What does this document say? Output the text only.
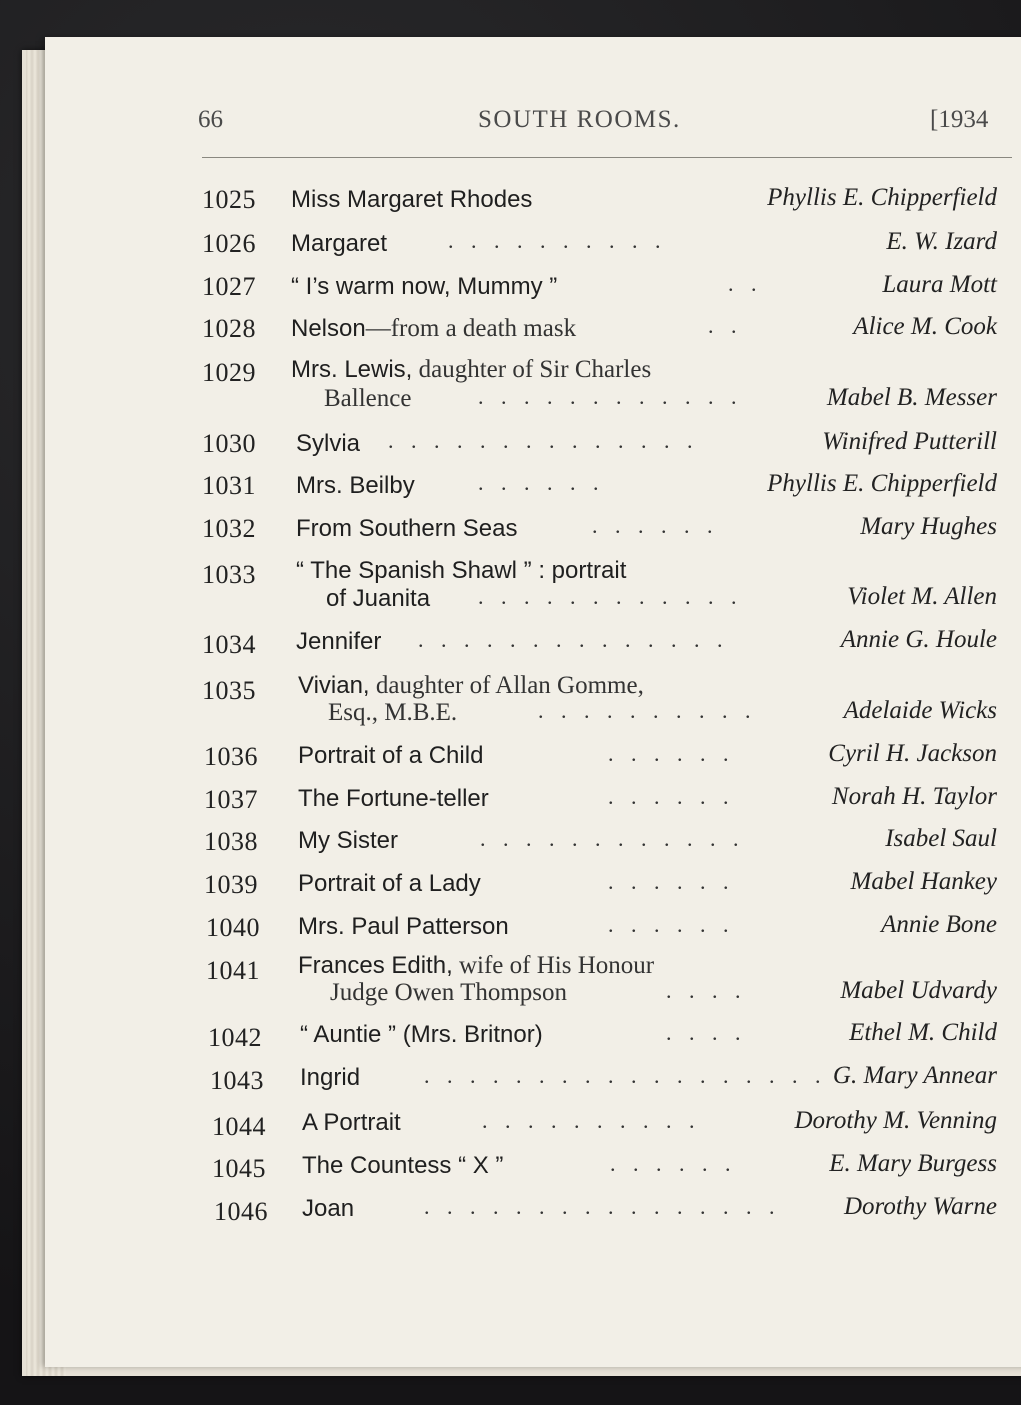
66	SOUTH ROOMS.	[1934
1025 Miss Margaret Rhodes	Phyllis E. Chipperfield
1026 Margaret	. . . . . . . . . .	E. W. Izard
1027 “ I’s warm now, Mummy ”	. .	Laura Mott
1028 Nelson—from a death mask	. .	Alice M. Cook
1029 Mrs. Lewis, daughter of Sir Charles
Ballence	. . . . . . . . . . . .	Mabel B. Messer
1030 Sylvia . . . . . . . . . . . . . .	Winifred Putterill
1031 Mrs. Beilby	. . . . . .	Phyllis E. Chipperfield
1032 From Southern Seas	. . . . . .	Mary Hughes
1033 “ The Spanish Shawl ” : portrait
of Juanita . . . . . . . . . . . .	Violet M. Allen
1034 Jennifer . . . . . . . . . . . . . .	Annie G. Houle
1035 Vivian, daughter of Allan Gomme,
Esq., M.B.E.	. . . . . . . . . .	Adelaide Wicks
1036 Portrait of a Child	. . . . . .	Cyril H. Jackson
1037 The Fortune-teller	. . . . . .	Norah H. Taylor
1038 My Sister	. . . . . . . . . . . .	Isabel Saul
1039 Portrait of a Lady	. . . . . .	Mabel Hankey
1040 Mrs. Paul Patterson	. . . . . .	Annie Bone
1041 Frances Edith, wife of His Honour
Judge Owen Thompson	. . . .	Mabel Udvardy
1042 “ Auntie ” (Mrs. Britnor)	. . . .	Ethel M. Child
1043 Ingrid	. . . . . . . . . . . . . . . . . . G. Mary Annear
1044 A Portrait	. . . . . . . . . .	Dorothy M. Venning
1045 The Countess “ X ”	. . . . . .	E. Mary Burgess
1046 Joan	. . . . . . . . . . . . . . . .	Dorothy Warne
